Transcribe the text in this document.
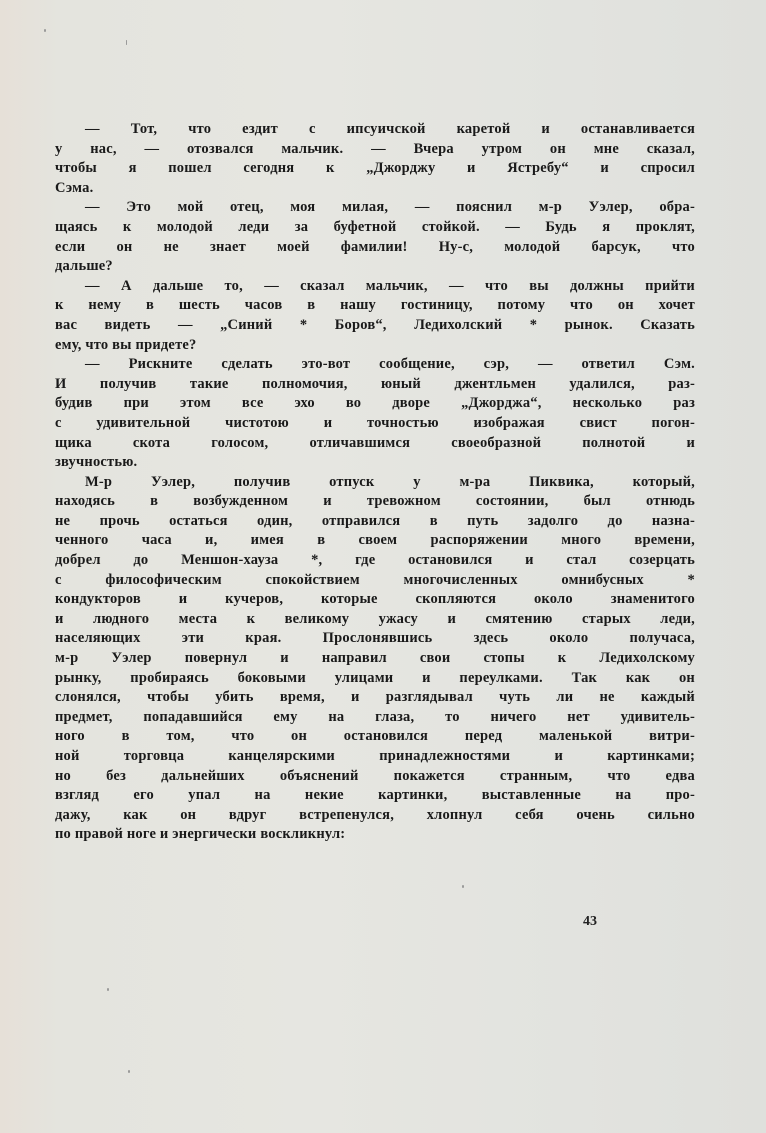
— Тот, что ездит с ипсуичской каретой и останавливается
у нас, — отозвался мальчик. — Вчера утром он мне сказал,
чтобы я пошел сегодня к „Джорджу и Ястребу“ и спросил
Сэма.
— Это мой отец, моя милая, — пояснил м-р Уэлер, обра-
щаясь к молодой леди за буфетной стойкой. — Будь я проклят,
если он не знает моей фамилии! Ну-с, молодой барсук, что
дальше?
— А дальше то, — сказал мальчик, — что вы должны прийти
к нему в шесть часов в нашу гостиницу, потому что он хочет
вас видеть — „Синий * Боров“, Ледихолский * рынок. Сказать
ему, что вы придете?
— Рискните сделать это-вот сообщение, сэр, — ответил Сэм.
И получив такие полномочия, юный джентльмен удалился, раз-
будив при этом все эхо во дворе „Джорджа“, несколько раз
с удивительной чистотою и точностью изображая свист погон-
щика скота голосом, отличавшимся своеобразной полнотой и
звучностью.
М-р Уэлер, получив отпуск у м-ра Пиквика, который,
находясь в возбужденном и тревожном состоянии, был отнюдь
не прочь остаться один, отправился в путь задолго до назна-
ченного часа и, имея в своем распоряжении много времени,
добрел до Меншон-хауза *, где остановился и стал созерцать
с философическим спокойствием многочисленных омнибусных *
кондукторов и кучеров, которые скопляются около знаменитого
и людного места к великому ужасу и смятению старых леди,
населяющих эти края. Прослонявшись здесь около получаса,
м-р Уэлер повернул и направил свои стопы к Ледихолскому
рынку, пробираясь боковыми улицами и переулками. Так как он
слонялся, чтобы убить время, и разглядывал чуть ли не каждый
предмет, попадавшийся ему на глаза, то ничего нет удивитель-
ного в том, что он остановился перед маленькой витри-
ной торговца канцелярскими принадлежностями и картинками;
но без дальнейших объяснений покажется странным, что едва
взгляд его упал на некие картинки, выставленные на про-
дажу, как он вдруг встрепенулся, хлопнул себя очень сильно
по правой ноге и энергически воскликнул:
43
